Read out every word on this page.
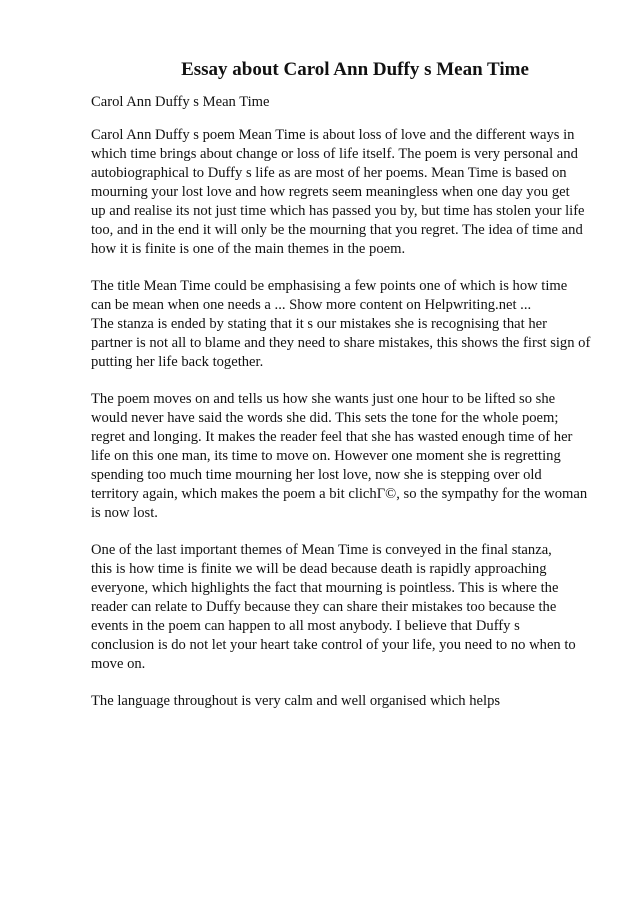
Essay about Carol Ann Duffy s Mean Time
Carol Ann Duffy s Mean Time
Carol Ann Duffy s poem Mean Time is about loss of love and the different ways in
which time brings about change or loss of life itself. The poem is very personal and
autobiographical to Duffy s life as are most of her poems. Mean Time is based on
mourning your lost love and how regrets seem meaningless when one day you get
up and realise its not just time which has passed you by, but time has stolen your life
too, and in the end it will only be the mourning that you regret. The idea of time and
how it is finite is one of the main themes in the poem.
The title Mean Time could be emphasising a few points one of which is how time
can be mean when one needs a ... Show more content on Helpwriting.net ...
The stanza is ended by stating that it s our mistakes she is recognising that her
partner is not all to blame and they need to share mistakes, this shows the first sign of
putting her life back together.
The poem moves on and tells us how she wants just one hour to be lifted so she
would never have said the words she did. This sets the tone for the whole poem;
regret and longing. It makes the reader feel that she has wasted enough time of her
life on this one man, its time to move on. However one moment she is regretting
spending too much time mourning her lost love, now she is stepping over old
territory again, which makes the poem a bit clichΓ©, so the sympathy for the woman
is now lost.
One of the last important themes of Mean Time is conveyed in the final stanza,
this is how time is finite we will be dead because death is rapidly approaching
everyone, which highlights the fact that mourning is pointless. This is where the
reader can relate to Duffy because they can share their mistakes too because the
events in the poem can happen to all most anybody. I believe that Duffy s
conclusion is do not let your heart take control of your life, you need to no when to
move on.
The language throughout is very calm and well organised which helps
